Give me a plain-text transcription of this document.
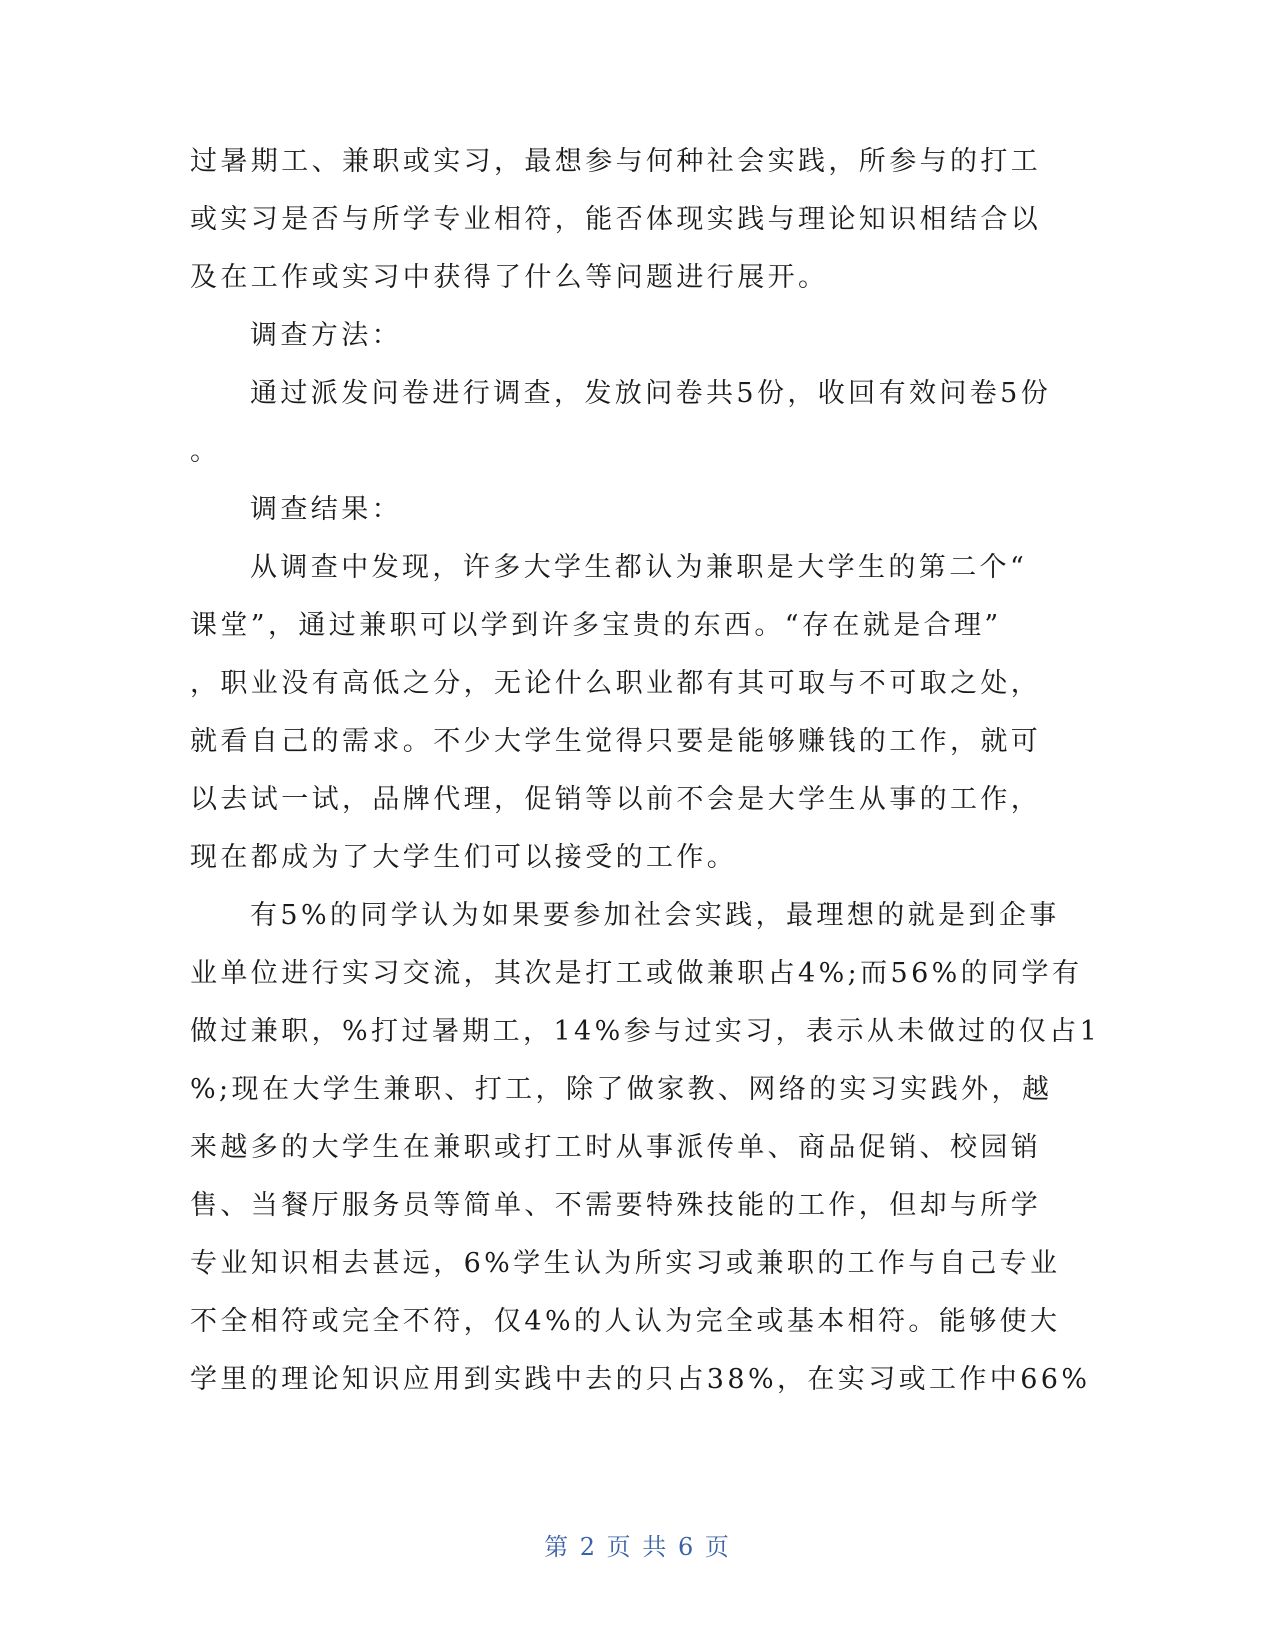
过暑期工、兼职或实习，最想参与何种社会实践，所参与的打工
或实习是否与所学专业相符，能否体现实践与理论知识相结合以
及在工作或实习中获得了什么等问题进行展开。
调查方法：
通过派发问卷进行调查，发放问卷共5份，收回有效问卷5份
。
调查结果：
从调查中发现，许多大学生都认为兼职是大学生的第二个“
课堂”，通过兼职可以学到许多宝贵的东西。“存在就是合理”
，职业没有高低之分，无论什么职业都有其可取与不可取之处，
就看自己的需求。不少大学生觉得只要是能够赚钱的工作，就可
以去试一试，品牌代理，促销等以前不会是大学生从事的工作，
现在都成为了大学生们可以接受的工作。
有5%的同学认为如果要参加社会实践，最理想的就是到企事
业单位进行实习交流，其次是打工或做兼职占4%;而56%的同学有
做过兼职，%打过暑期工，14%参与过实习，表示从未做过的仅占1
%;现在大学生兼职、打工，除了做家教、网络的实习实践外，越
来越多的大学生在兼职或打工时从事派传单、商品促销、校园销
售、当餐厅服务员等简单、不需要特殊技能的工作，但却与所学
专业知识相去甚远，6%学生认为所实习或兼职的工作与自己专业
不全相符或完全不符，仅4%的人认为完全或基本相符。能够使大
学里的理论知识应用到实践中去的只占38%，在实习或工作中66%
第 2 页 共 6 页
